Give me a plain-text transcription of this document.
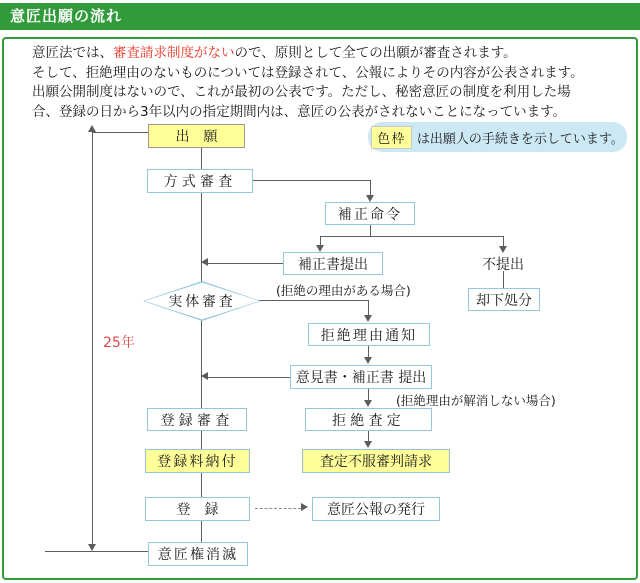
意匠出願の流れ
意匠法では、審査請求制度がないので、原則として全ての出願が審査されます。
そして、拒絶理由のないものについては登録されて、公報によりその内容が公表されます。
出願公開制度はないので、これが最初の公表です。ただし、秘密意匠の制度を利用した場
合、登録の日から3年以内の指定期間内は、意匠の公表がされないことになっています。
色枠 は出願人の手続きを示しています。
出　願
方式審査
補正命令
補正書提出	不提出
却下処分
(拒絶の理由がある場合)
実体審査
25年	拒絶理由通知
意見書・補正書 提出
(拒絶理由が解消しない場合)
登録審査	拒絶査定
登録料納付	査定不服審判請求
登　録	意匠公報の発行
意匠権消滅
